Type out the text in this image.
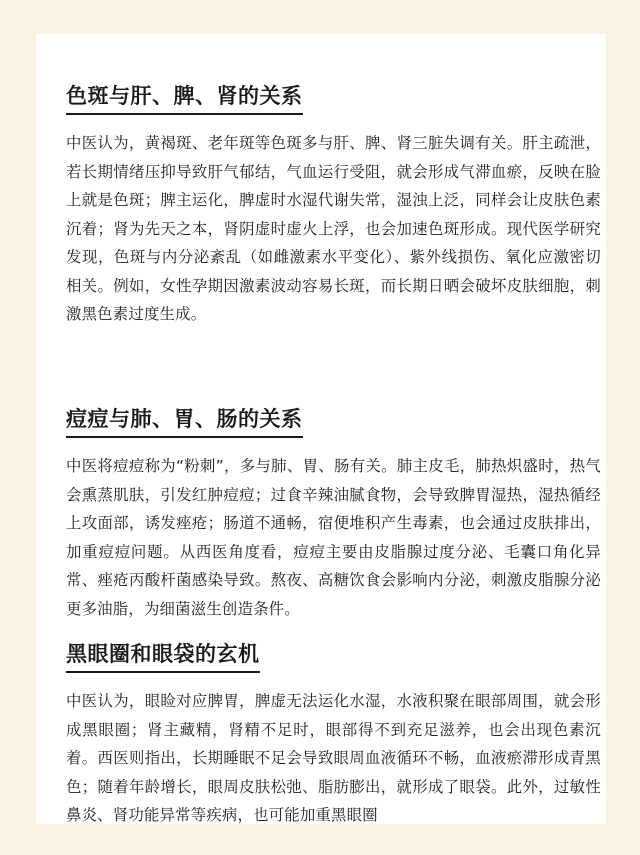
色斑与肝、脾、肾的关系

中医认为，黄褐斑、老年斑等色斑多与肝、脾、肾三脏失调有关。肝主疏泄，若长期情绪压抑导致肝气郁结，气血运行受阻，就会形成气滞血瘀，反映在脸上就是色斑；脾主运化，脾虚时水湿代谢失常，湿浊上泛，同样会让皮肤色素沉着；肾为先天之本，肾阴虚时虚火上浮，也会加速色斑形成。现代医学研究发现，色斑与内分泌紊乱（如雌激素水平变化）、紫外线损伤、氧化应激密切相关。例如，女性孕期因激素波动容易长斑，而长期日晒会破坏皮肤细胞，刺激黑色素过度生成。

痘痘与肺、胃、肠的关系

中医将痘痘称为“粉刺”，多与肺、胃、肠有关。肺主皮毛，肺热炽盛时，热气会熏蒸肌肤，引发红肿痘痘；过食辛辣油腻食物，会导致脾胃湿热，湿热循经上攻面部，诱发痤疮；肠道不通畅，宿便堆积产生毒素，也会通过皮肤排出，加重痘痘问题。从西医角度看，痘痘主要由皮脂腺过度分泌、毛囊口角化异常、痤疮丙酸杆菌感染导致。熬夜、高糖饮食会影响内分泌，刺激皮脂腺分泌更多油脂，为细菌滋生创造条件。

黑眼圈和眼袋的玄机

中医认为，眼睑对应脾胃，脾虚无法运化水湿，水液积聚在眼部周围，就会形成黑眼圈；肾主藏精，肾精不足时，眼部得不到充足滋养，也会出现色素沉着。西医则指出，长期睡眠不足会导致眼周血液循环不畅，血液瘀滞形成青黑色；随着年龄增长，眼周皮肤松弛、脂肪膨出，就形成了眼袋。此外，过敏性鼻炎、肾功能异常等疾病，也可能加重黑眼圈
